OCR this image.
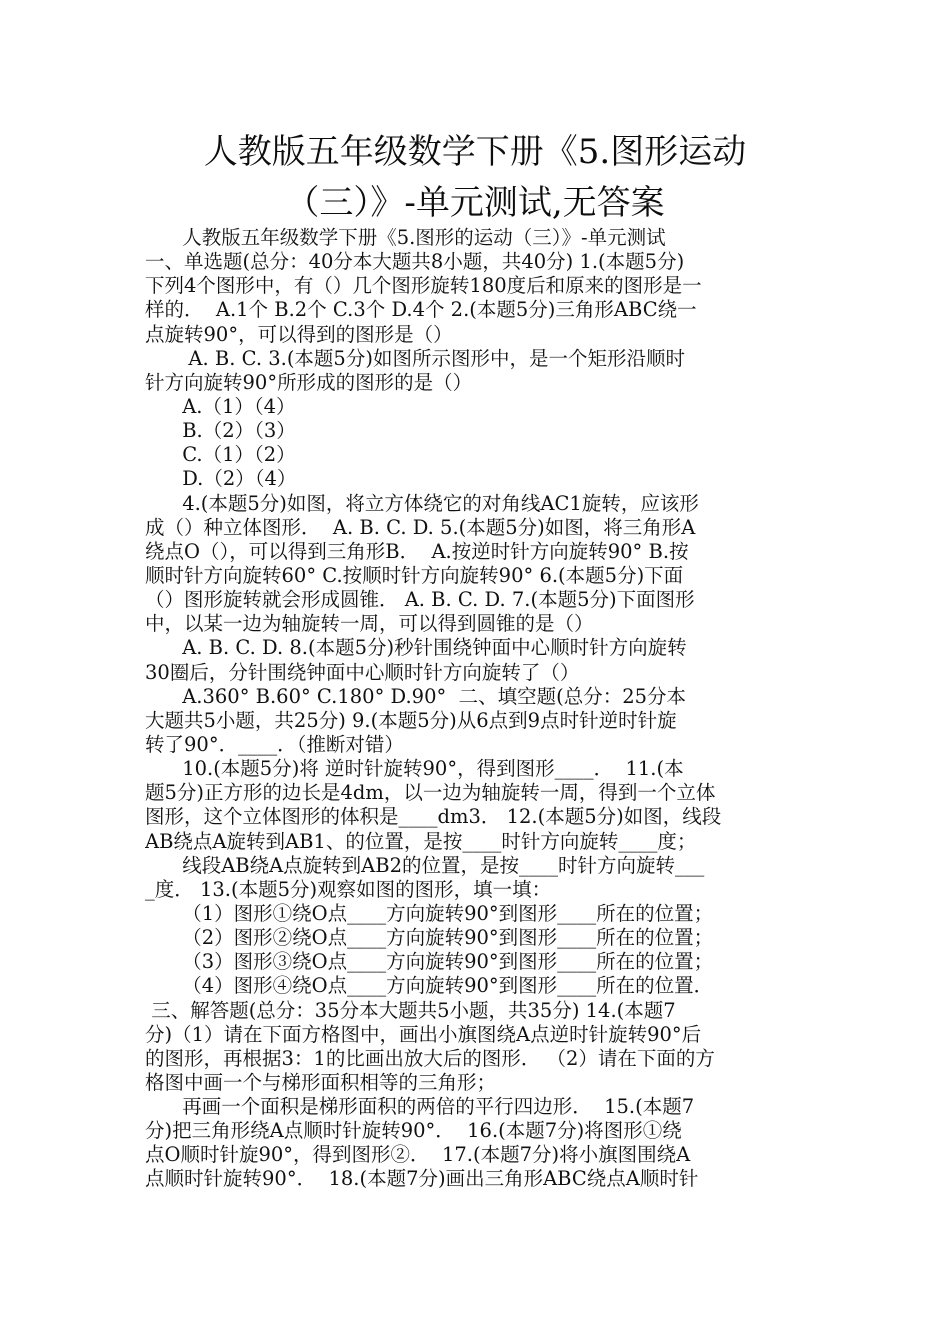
人教版五年级数学下册《5.图形运动
（三）》-单元测试,无答案
人教版五年级数学下册《5.图形的运动（三）》-单元测试
一、单选题(总分：40分本大题共8小题，共40分) 1.(本题5分)
下列4个图形中，有（）几个图形旋转180度后和原来的图形是一
样的．  A.1个 B.2个 C.3个 D.4个 2.(本题5分)三角形ABC绕一
点旋转90°，可以得到的图形是（）
A. B. C. 3.(本题5分)如图所示图形中，是一个矩形沿顺时
针方向旋转90°所形成的图形的是（）
A.（1）（4）
B.（2）（3）
C.（1）（2）
D.（2）（4）
4.(本题5分)如图，将立方体绕它的对角线AC1旋转，应该形
成（）种立体图形．  A. B. C. D. 5.(本题5分)如图，将三角形A
绕点O（），可以得到三角形B．  A.按逆时针方向旋转90° B.按
顺时针方向旋转60° C.按顺时针方向旋转90° 6.(本题5分)下面
（）图形旋转就会形成圆锥． A. B. C. D. 7.(本题5分)下面图形
中，以某一边为轴旋转一周，可以得到圆锥的是（）
A. B. C. D. 8.(本题5分)秒针围绕钟面中心顺时针方向旋转
30圈后，分针围绕钟面中心顺时针方向旋转了（）
A.360° B.60° C.180° D.90°  二、填空题(总分：25分本
大题共5小题，共25分) 9.(本题5分)从6点到9点时针逆时针旋
转了90°．____．（推断对错）
10.(本题5分)将 逆时针旋转90°，得到图形____．  11.(本
题5分)正方形的边长是4dm，以一边为轴旋转一周，得到一个立体
图形，这个立体图形的体积是____dm3． 12.(本题5分)如图，线段
AB绕点A旋转到AB1、的位置，是按____时针方向旋转____度；
线段AB绕A点旋转到AB2的位置，是按____时针方向旋转___
_度． 13.(本题5分)观察如图的图形，填一填：
（1）图形①绕O点____方向旋转90°到图形____所在的位置；
（2）图形②绕O点____方向旋转90°到图形____所在的位置；
（3）图形③绕O点____方向旋转90°到图形____所在的位置；
（4）图形④绕O点____方向旋转90°到图形____所在的位置．
三、解答题(总分：35分本大题共5小题，共35分) 14.(本题7
分)（1）请在下面方格图中，画出小旗图绕A点逆时针旋转90°后
的图形，再根据3：1的比画出放大后的图形． （2）请在下面的方
格图中画一个与梯形面积相等的三角形；
再画一个面积是梯形面积的两倍的平行四边形．  15.(本题7
分)把三角形绕A点顺时针旋转90°．  16.(本题7分)将图形①绕
点O顺时针旋90°，得到图形②．  17.(本题7分)将小旗图围绕A
点顺时针旋转90°．  18.(本题7分)画出三角形ABC绕点A顺时针
